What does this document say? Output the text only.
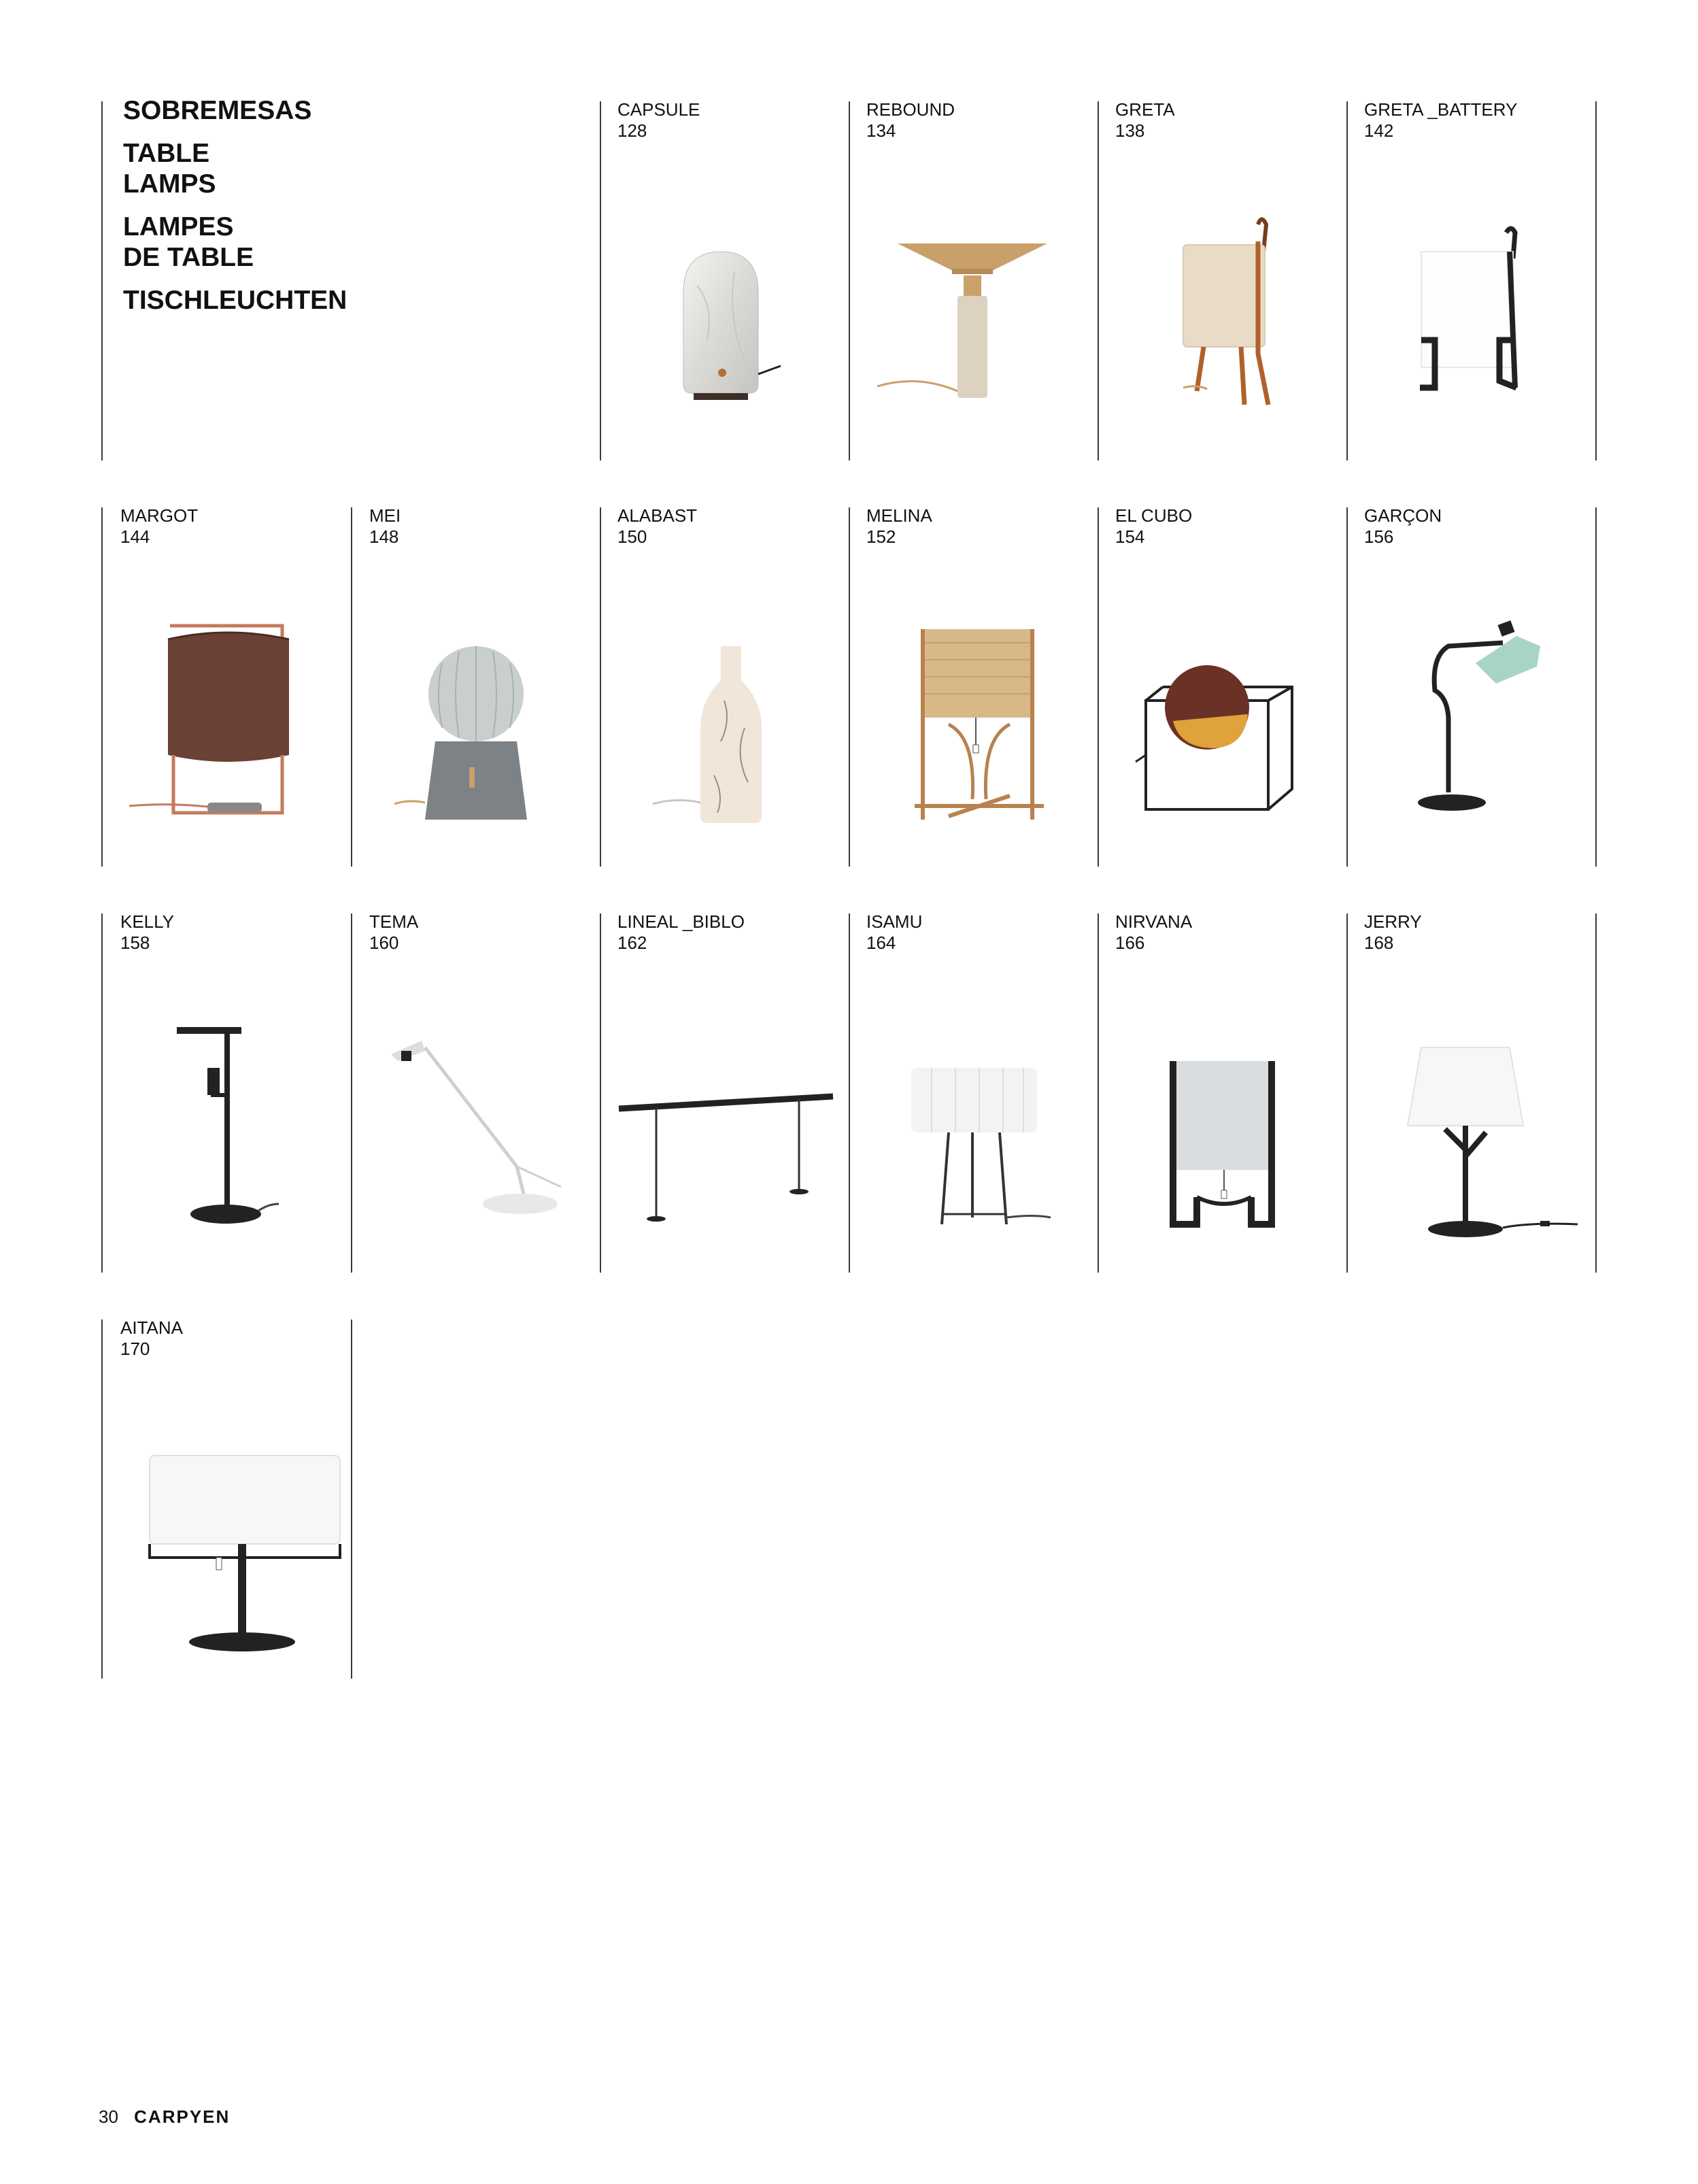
SOBREMESAS
TABLE
LAMPS
LAMPES
DE TABLE
TISCHLEUCHTEN
CAPSULE
128
REBOUND
134
GRETA
138
GRETA _BATTERY
142
MARGOT
144
MEI
148
ALABAST
150
MELINA
152
EL CUBO
154
GARÇON
156
KELLY
158
TEMA
160
LINEAL _BIBLO
162
ISAMU
164
NIRVANA
166
JERRY
168
AITANA
170
30 CARPYEN
